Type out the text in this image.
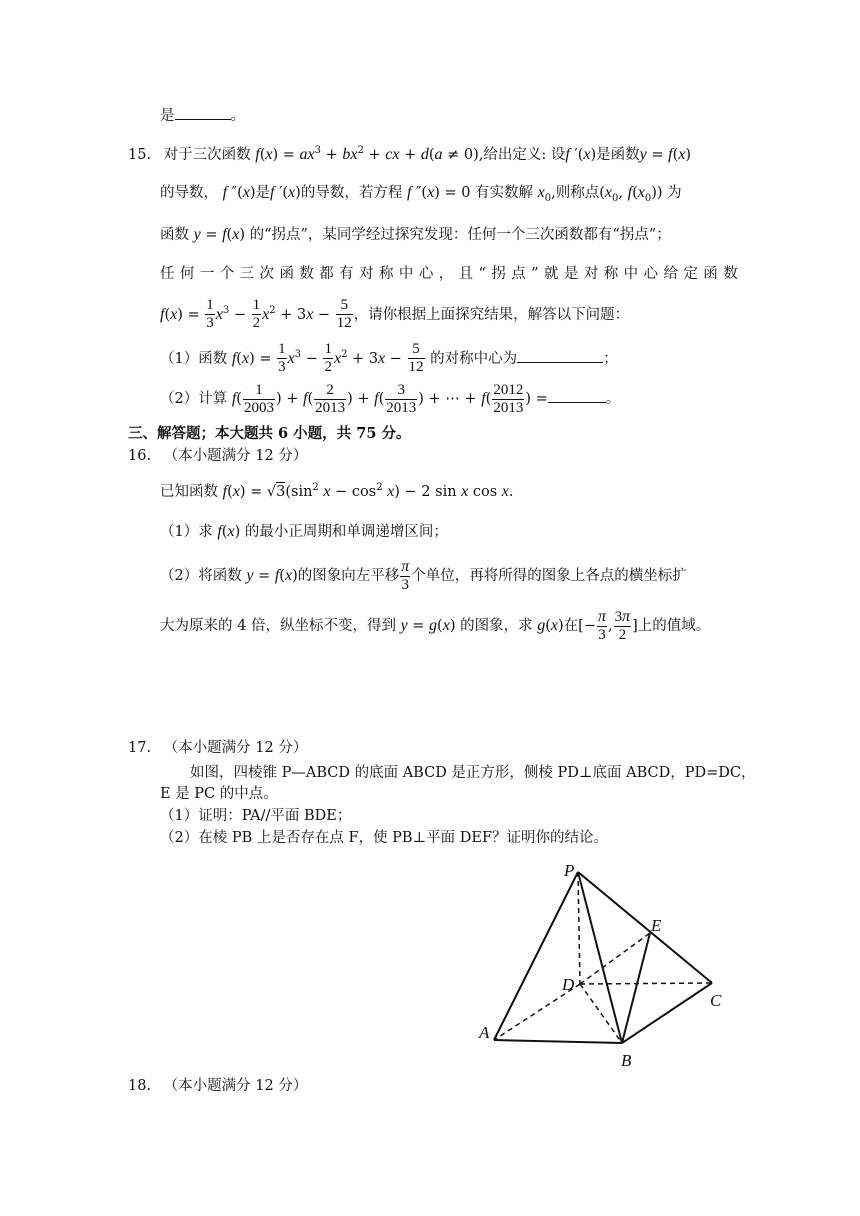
是	。
15. 对于三次函数 $f(x) = ax^3 + bx^2$ + cx + d(a ≠ 0),给出定义: 设f ′(x)是函数y = f(x)
的导数， f ″(x)是f ′(x)的导数，若方程 f ″(x) = 0 有实数解 $x_0$,则称点($x_0$, $f(x_0)$) 为
函数 y = f(x) 的“拐点”，某同学经过探究发现：任何一个三次函数都有“拐点”；
任 何 一 个 三 次 函 数 都 有 对 称 中 心 ， 且 “ 拐 点 ” 就 是 对 称 中 心 给 定 函 数
$f(x) = \frac{1}{3} x^3 - \frac{1}{2} x^2 + 3x - \frac{5}{12}$ ，请你根据上面探究结果，解答以下问题：
（1）函数 $f(x) = \frac{1}{3} x^3 - \frac{1}{2} x^2 + 3x - \frac{5}{12}$ 的对称中心为	；
（2）计算 $f( \frac{1}{2003}$ ) + $f( \frac{2}{2013}$ ) + $f( \frac{3}{2013}$ ) + ⋯ + $f( \frac{2012}{2013}$ ) =	。
三、解答题；本大题共 6 小题，共 75 分。
16. （本小题满分 12 分）
已知函数 $f(x) = √3(\sin^2$ $x - \cos^2 x) - 2$ sin x cos x.
（1）求 f(x) 的最小正周期和单调递增区间；
（2）将函数 y = f(x)的图象向左平移 $\frac{\pi}{3}$ 个单位，再将所得的图象上各点的横坐标扩
大为原来的 4 倍，纵坐标不变，得到 y = g(x) 的图象，求 g(x)在[− $\frac{\pi}{3}$ , $\frac{3\pi}{2}$ ]上的值域。
17. （本小题满分 12 分）
如图，四棱锥 P—ABCD 的底面 ABCD 是正方形，侧棱 PD⊥底面 ABCD，PD=DC，
E 是 PC 的中点。
（1）证明：PA//平面 BDE；
（2）在棱 PB 上是否存在点 F，使 PB⊥平面 DEF？证明你的结论。
P
E
D
C
A
B
18. （本小题满分 12 分）
